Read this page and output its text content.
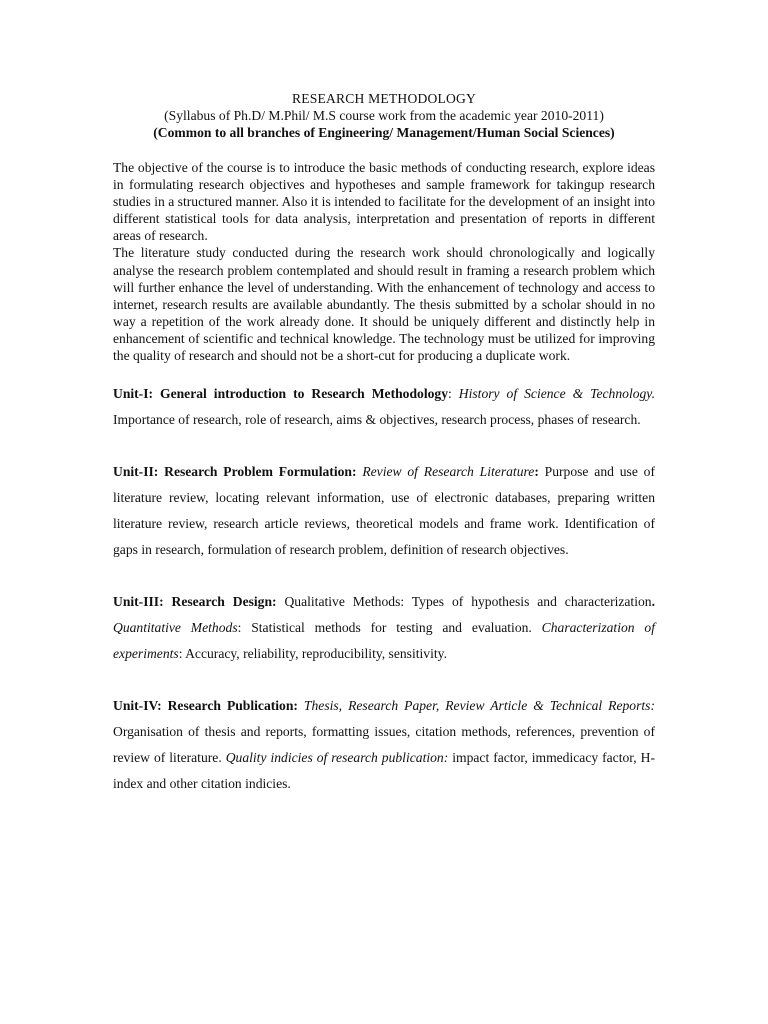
RESEARCH METHODOLOGY
(Syllabus of Ph.D/ M.Phil/ M.S course work from the academic year 2010-2011)
(Common to all branches of Engineering/ Management/Human Social Sciences)

The objective of the course is to introduce the basic methods of conducting research, explore ideas in formulating research objectives and hypotheses and sample framework for takingup research studies in a structured manner. Also it is intended to facilitate for the development of an insight into different statistical tools for data analysis, interpretation and presentation of reports in different areas of research.

The literature study conducted during the research work should chronologically and logically analyse the research problem contemplated and should result in framing a research problem which will further enhance the level of understanding. With the enhancement of technology and access to internet, research results are available abundantly. The thesis submitted by a scholar should in no way a repetition of the work already done. It should be uniquely different and distinctly help in enhancement of scientific and technical knowledge. The technology must be utilized for improving the quality of research and should not be a short-cut for producing a duplicate work.

Unit-I: General introduction to Research Methodology: History of Science & Technology. Importance of research, role of research, aims & objectives, research process, phases of research.

Unit-II: Research Problem Formulation: Review of Research Literature: Purpose and use of literature review, locating relevant information, use of electronic databases, preparing written literature review, research article reviews, theoretical models and frame work. Identification of gaps in research, formulation of research problem, definition of research objectives.

Unit-III: Research Design: Qualitative Methods: Types of hypothesis and characterization. Quantitative Methods: Statistical methods for testing and evaluation. Characterization of experiments: Accuracy, reliability, reproducibility, sensitivity.

Unit-IV: Research Publication: Thesis, Research Paper, Review Article & Technical Reports: Organisation of thesis and reports, formatting issues, citation methods, references, prevention of review of literature. Quality indicies of research publication: impact factor, immedicacy factor, H-index and other citation indicies.
